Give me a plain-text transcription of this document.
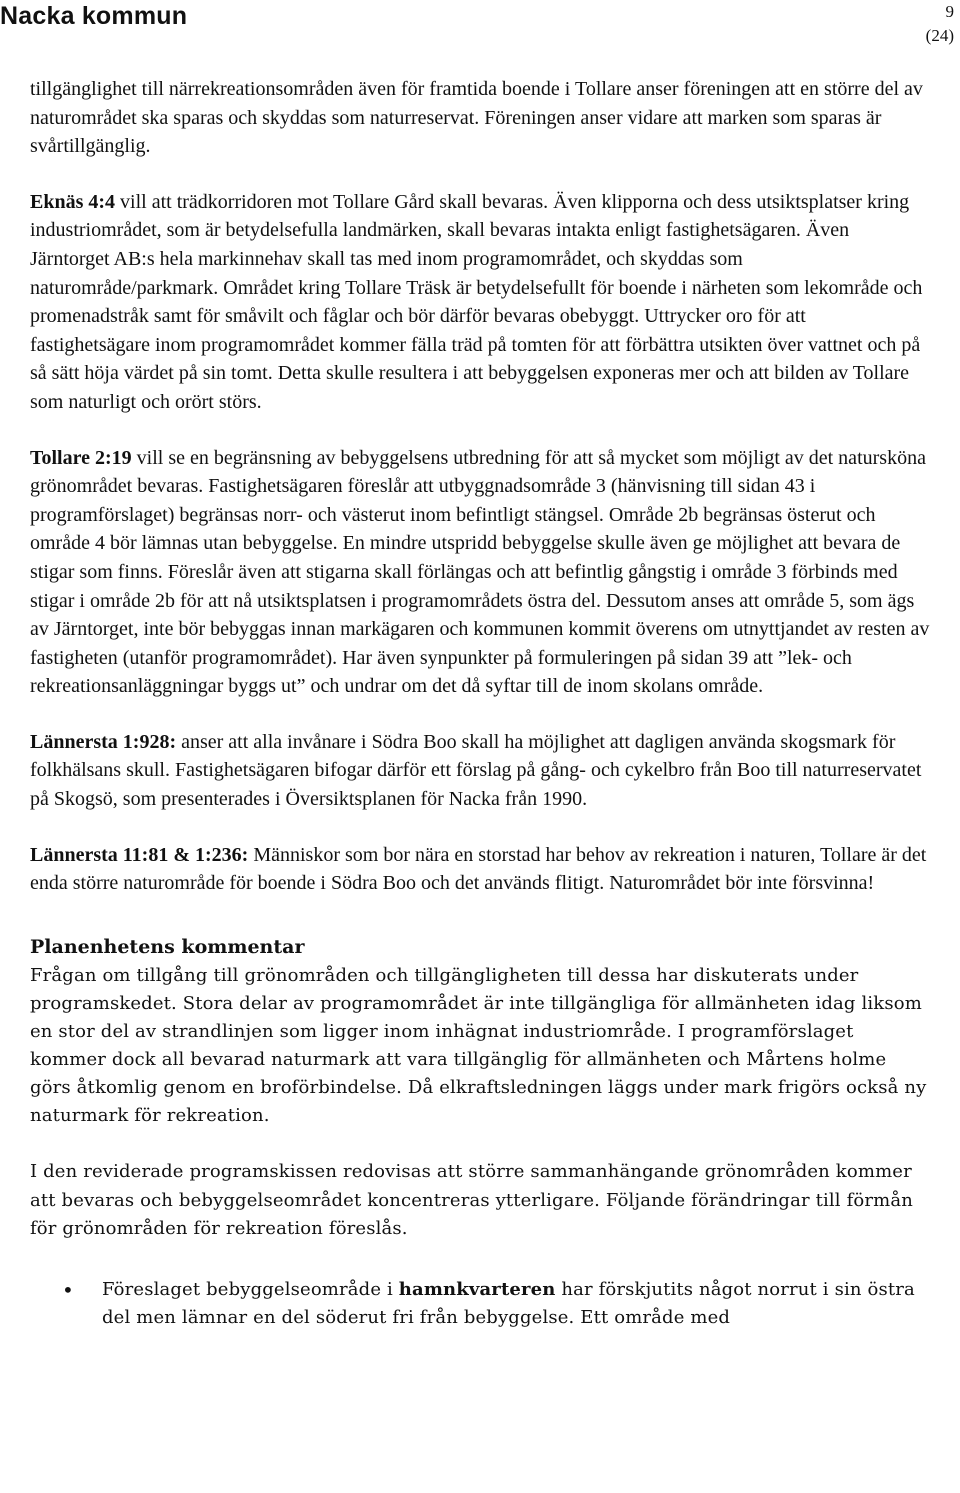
Nacka kommun	9
(24)

tillgänglighet till närrekreationsområden även för framtida boende i Tollare anser föreningen att en större del av naturområdet ska sparas och skyddas som naturreservat. Föreningen anser vidare att marken som sparas är svårtillgänglig.

Eknäs 4:4 vill att trädkorridoren mot Tollare Gård skall bevaras. Även klipporna och dess utsiktsplatser kring industriområdet, som är betydelsefulla landmärken, skall bevaras intakta enligt fastighetsägaren. Även Järntorget AB:s hela markinnehav skall tas med inom programområdet, och skyddas som naturområde/parkmark. Området kring Tollare Träsk är betydelsefullt för boende i närheten som lekområde och promenadstråk samt för småvilt och fåglar och bör därför bevaras obebyggt. Uttrycker oro för att fastighetsägare inom programområdet kommer fälla träd på tomten för att förbättra utsikten över vattnet och på så sätt höja värdet på sin tomt. Detta skulle resultera i att bebyggelsen exponeras mer och att bilden av Tollare som naturligt och orört störs.

Tollare 2:19 vill se en begränsning av bebyggelsens utbredning för att så mycket som möjligt av det natursköna grönområdet bevaras. Fastighetsägaren föreslår att utbyggnadsområde 3 (hänvisning till sidan 43 i programförslaget) begränsas norr- och västerut inom befintligt stängsel. Område 2b begränsas österut och område 4 bör lämnas utan bebyggelse. En mindre utspridd bebyggelse skulle även ge möjlighet att bevara de stigar som finns. Föreslår även att stigarna skall förlängas och att befintlig gångstig i område 3 förbinds med stigar i område 2b för att nå utsiktsplatsen i programområdets östra del. Dessutom anses att område 5, som ägs av Järntorget, inte bör bebyggas innan markägaren och kommunen kommit överens om utnyttjandet av resten av fastigheten (utanför programområdet). Har även synpunkter på formuleringen på sidan 39 att ”lek- och rekreationsanläggningar byggs ut” och undrar om det då syftar till de inom skolans område.

Lännersta 1:928: anser att alla invånare i Södra Boo skall ha möjlighet att dagligen använda skogsmark för folkhälsans skull. Fastighetsägaren bifogar därför ett förslag på gång- och cykelbro från Boo till naturreservatet på Skogsö, som presenterades i Översiktsplanen för Nacka från 1990.

Lännersta 11:81 & 1:236: Människor som bor nära en storstad har behov av rekreation i naturen, Tollare är det enda större naturområde för boende i Södra Boo och det används flitigt. Naturområdet bör inte försvinna!

Planenhetens kommentar

Frågan om tillgång till grönområden och tillgängligheten till dessa har diskuterats under programskedet. Stora delar av programområdet är inte tillgängliga för allmänheten idag liksom en stor del av strandlinjen som ligger inom inhägnat industriområde. I programförslaget kommer dock all bevarad naturmark att vara tillgänglig för allmänheten och Mårtens holme görs åtkomlig genom en broförbindelse. Då elkraftsledningen läggs under mark frigörs också ny naturmark för rekreation.

I den reviderade programskissen redovisas att större sammanhängande grönområden kommer att bevaras och bebyggelseområdet koncentreras ytterligare. Följande förändringar till förmån för grönområden för rekreation föreslås.

• Föreslaget bebyggelseområde i hamnkvarteren har förskjutits något norrut i sin östra del men lämnar en del söderut fri från bebyggelse. Ett område med
